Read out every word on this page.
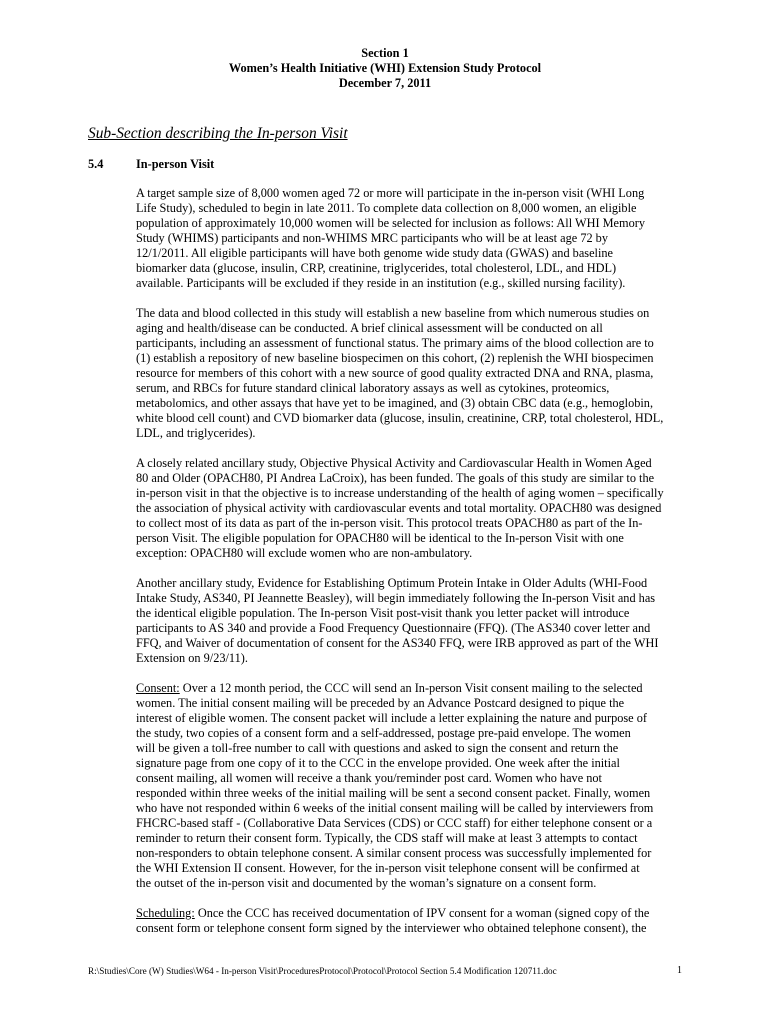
Section 1
Women’s Health Initiative (WHI) Extension Study Protocol
December 7, 2011
Sub-Section describing the In-person Visit
5.4	In-person Visit

A target sample size of 8,000 women aged 72 or more will participate in the in-person visit (WHI Long
Life Study), scheduled to begin in late 2011. To complete data collection on 8,000 women, an eligible
population of approximately 10,000 women will be selected for inclusion as follows: All WHI Memory
Study (WHIMS) participants and non-WHIMS MRC participants who will be at least age 72 by
12/1/2011. All eligible participants will have both genome wide study data (GWAS) and baseline
biomarker data (glucose, insulin, CRP, creatinine, triglycerides, total cholesterol, LDL, and HDL)
available. Participants will be excluded if they reside in an institution (e.g., skilled nursing facility).

The data and blood collected in this study will establish a new baseline from which numerous studies on
aging and health/disease can be conducted. A brief clinical assessment will be conducted on all
participants, including an assessment of functional status. The primary aims of the blood collection are to
(1) establish a repository of new baseline biospecimen on this cohort, (2) replenish the WHI biospecimen
resource for members of this cohort with a new source of good quality extracted DNA and RNA, plasma,
serum, and RBCs for future standard clinical laboratory assays as well as cytokines, proteomics,
metabolomics, and other assays that have yet to be imagined, and (3) obtain CBC data (e.g., hemoglobin,
white blood cell count) and CVD biomarker data (glucose, insulin, creatinine, CRP, total cholesterol, HDL,
LDL, and triglycerides).

A closely related ancillary study, Objective Physical Activity and Cardiovascular Health in Women Aged
80 and Older (OPACH80, PI Andrea LaCroix), has been funded. The goals of this study are similar to the
in-person visit in that the objective is to increase understanding of the health of aging women – specifically
the association of physical activity with cardiovascular events and total mortality. OPACH80 was designed
to collect most of its data as part of the in-person visit. This protocol treats OPACH80 as part of the In-
person Visit. The eligible population for OPACH80 will be identical to the In-person Visit with one
exception: OPACH80 will exclude women who are non-ambulatory.

Another ancillary study, Evidence for Establishing Optimum Protein Intake in Older Adults (WHI-Food
Intake Study, AS340, PI Jeannette Beasley), will begin immediately following the In-person Visit and has
the identical eligible population. The In-person Visit post-visit thank you letter packet will introduce
participants to AS 340 and provide a Food Frequency Questionnaire (FFQ). (The AS340 cover letter and
FFQ, and Waiver of documentation of consent for the AS340 FFQ, were IRB approved as part of the WHI
Extension on 9/23/11).

Consent: Over a 12 month period, the CCC will send an In-person Visit consent mailing to the selected
women. The initial consent mailing will be preceded by an Advance Postcard designed to pique the
interest of eligible women. The consent packet will include a letter explaining the nature and purpose of
the study, two copies of a consent form and a self-addressed, postage pre-paid envelope. The women
will be given a toll-free number to call with questions and asked to sign the consent and return the
signature page from one copy of it to the CCC in the envelope provided. One week after the initial
consent mailing, all women will receive a thank you/reminder post card. Women who have not
responded within three weeks of the initial mailing will be sent a second consent packet. Finally, women
who have not responded within 6 weeks of the initial consent mailing will be called by interviewers from
FHCRC-based staff - (Collaborative Data Services (CDS) or CCC staff) for either telephone consent or a
reminder to return their consent form. Typically, the CDS staff will make at least 3 attempts to contact
non-responders to obtain telephone consent. A similar consent process was successfully implemented for
the WHI Extension II consent. However, for the in-person visit telephone consent will be confirmed at
the outset of the in-person visit and documented by the woman’s signature on a consent form.

Scheduling: Once the CCC has received documentation of IPV consent for a woman (signed copy of the
consent form or telephone consent form signed by the interviewer who obtained telephone consent), the

R:\Studies\Core (W) Studies\W64 - In-person Visit\ProceduresProtocol\Protocol\Protocol Section 5.4 Modification 120711.doc	1
